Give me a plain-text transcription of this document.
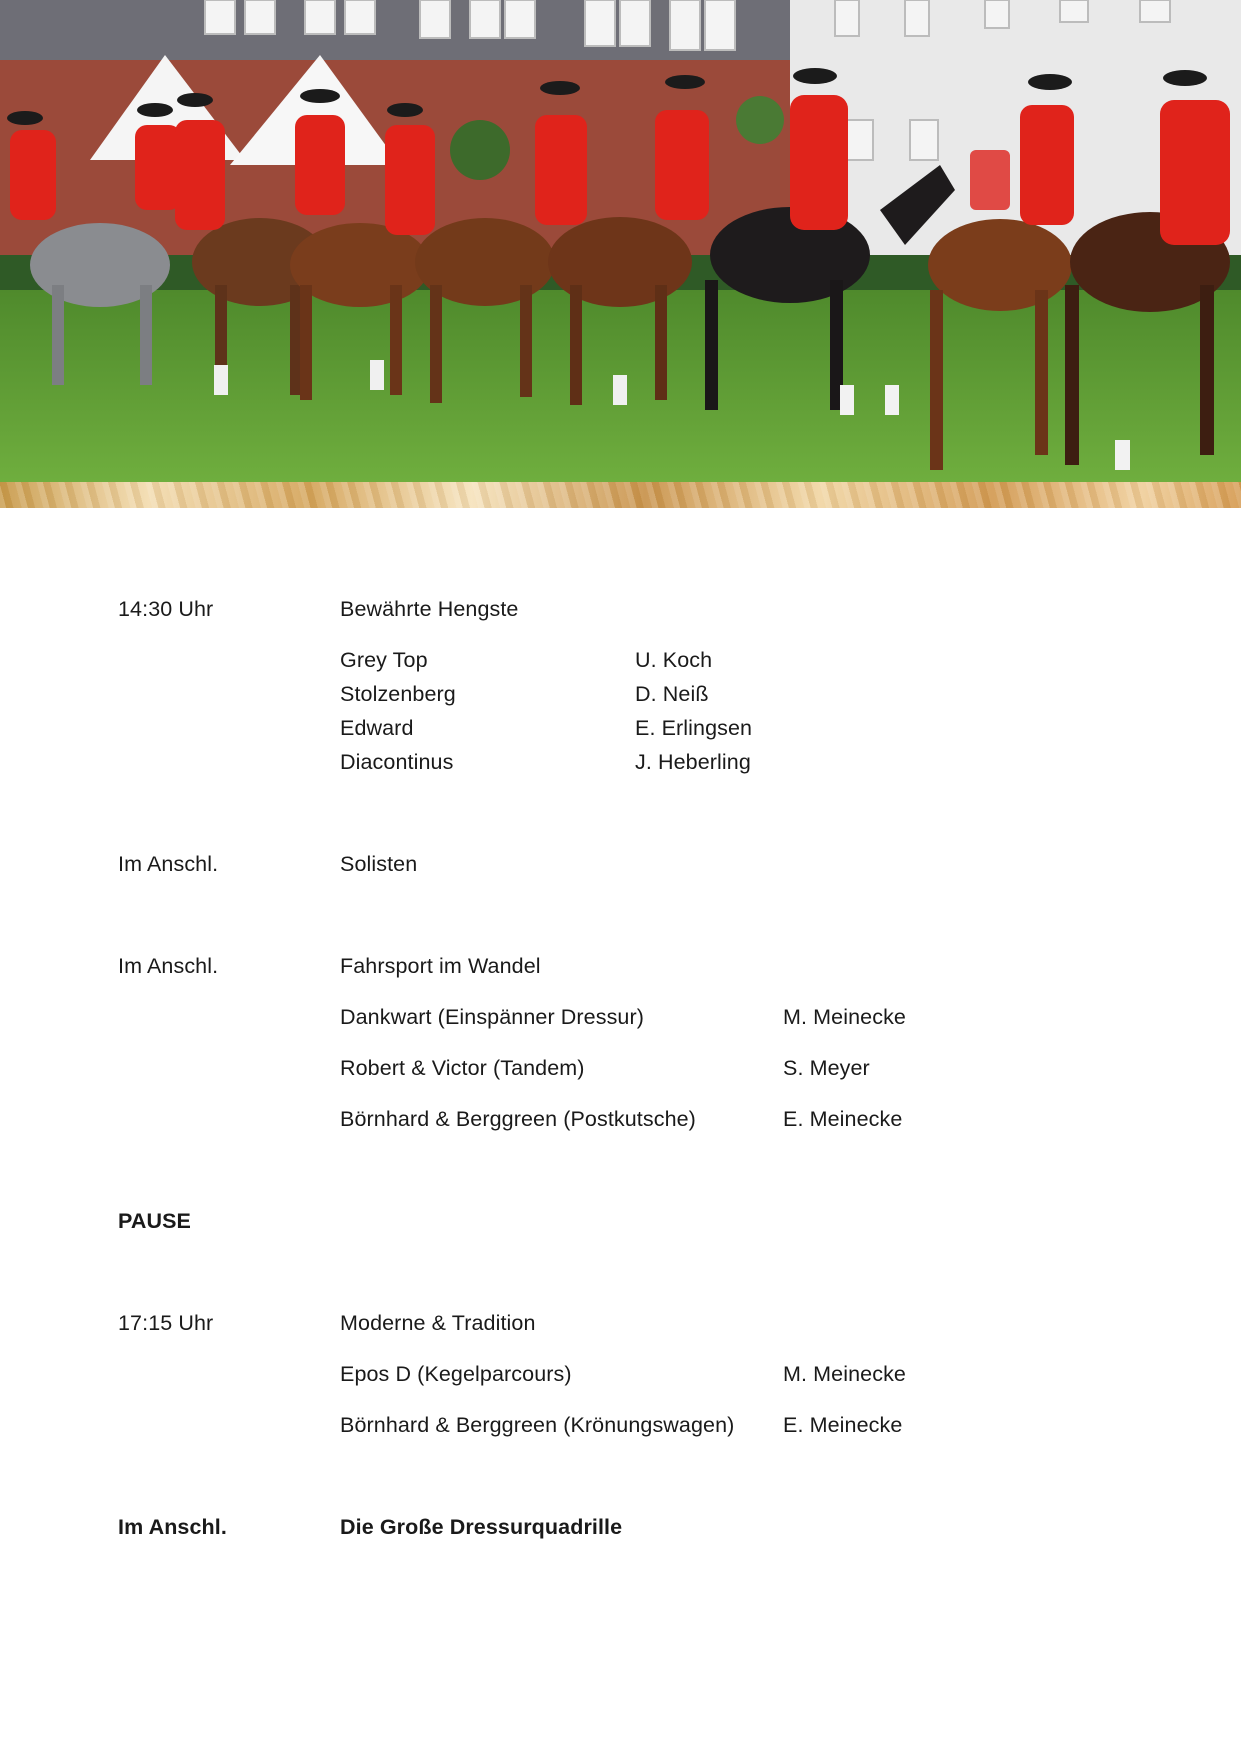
14:30 Uhr	Bewährte Hengste
Grey Top	U. Koch
Stolzenberg	D. Neiß
Edward	E. Erlingsen
Diacontinus	J. Heberling
Im Anschl.	Solisten
Im Anschl.	Fahrsport im Wandel
Dankwart (Einspänner Dressur)	M. Meinecke
Robert & Victor (Tandem)	S. Meyer
Börnhard & Berggreen (Postkutsche)	E. Meinecke
PAUSE
17:15 Uhr	Moderne & Tradition
Epos D (Kegelparcours)	M. Meinecke
Börnhard & Berggreen (Krönungswagen) E. Meinecke
Im Anschl.	Die Große Dressurquadrille
